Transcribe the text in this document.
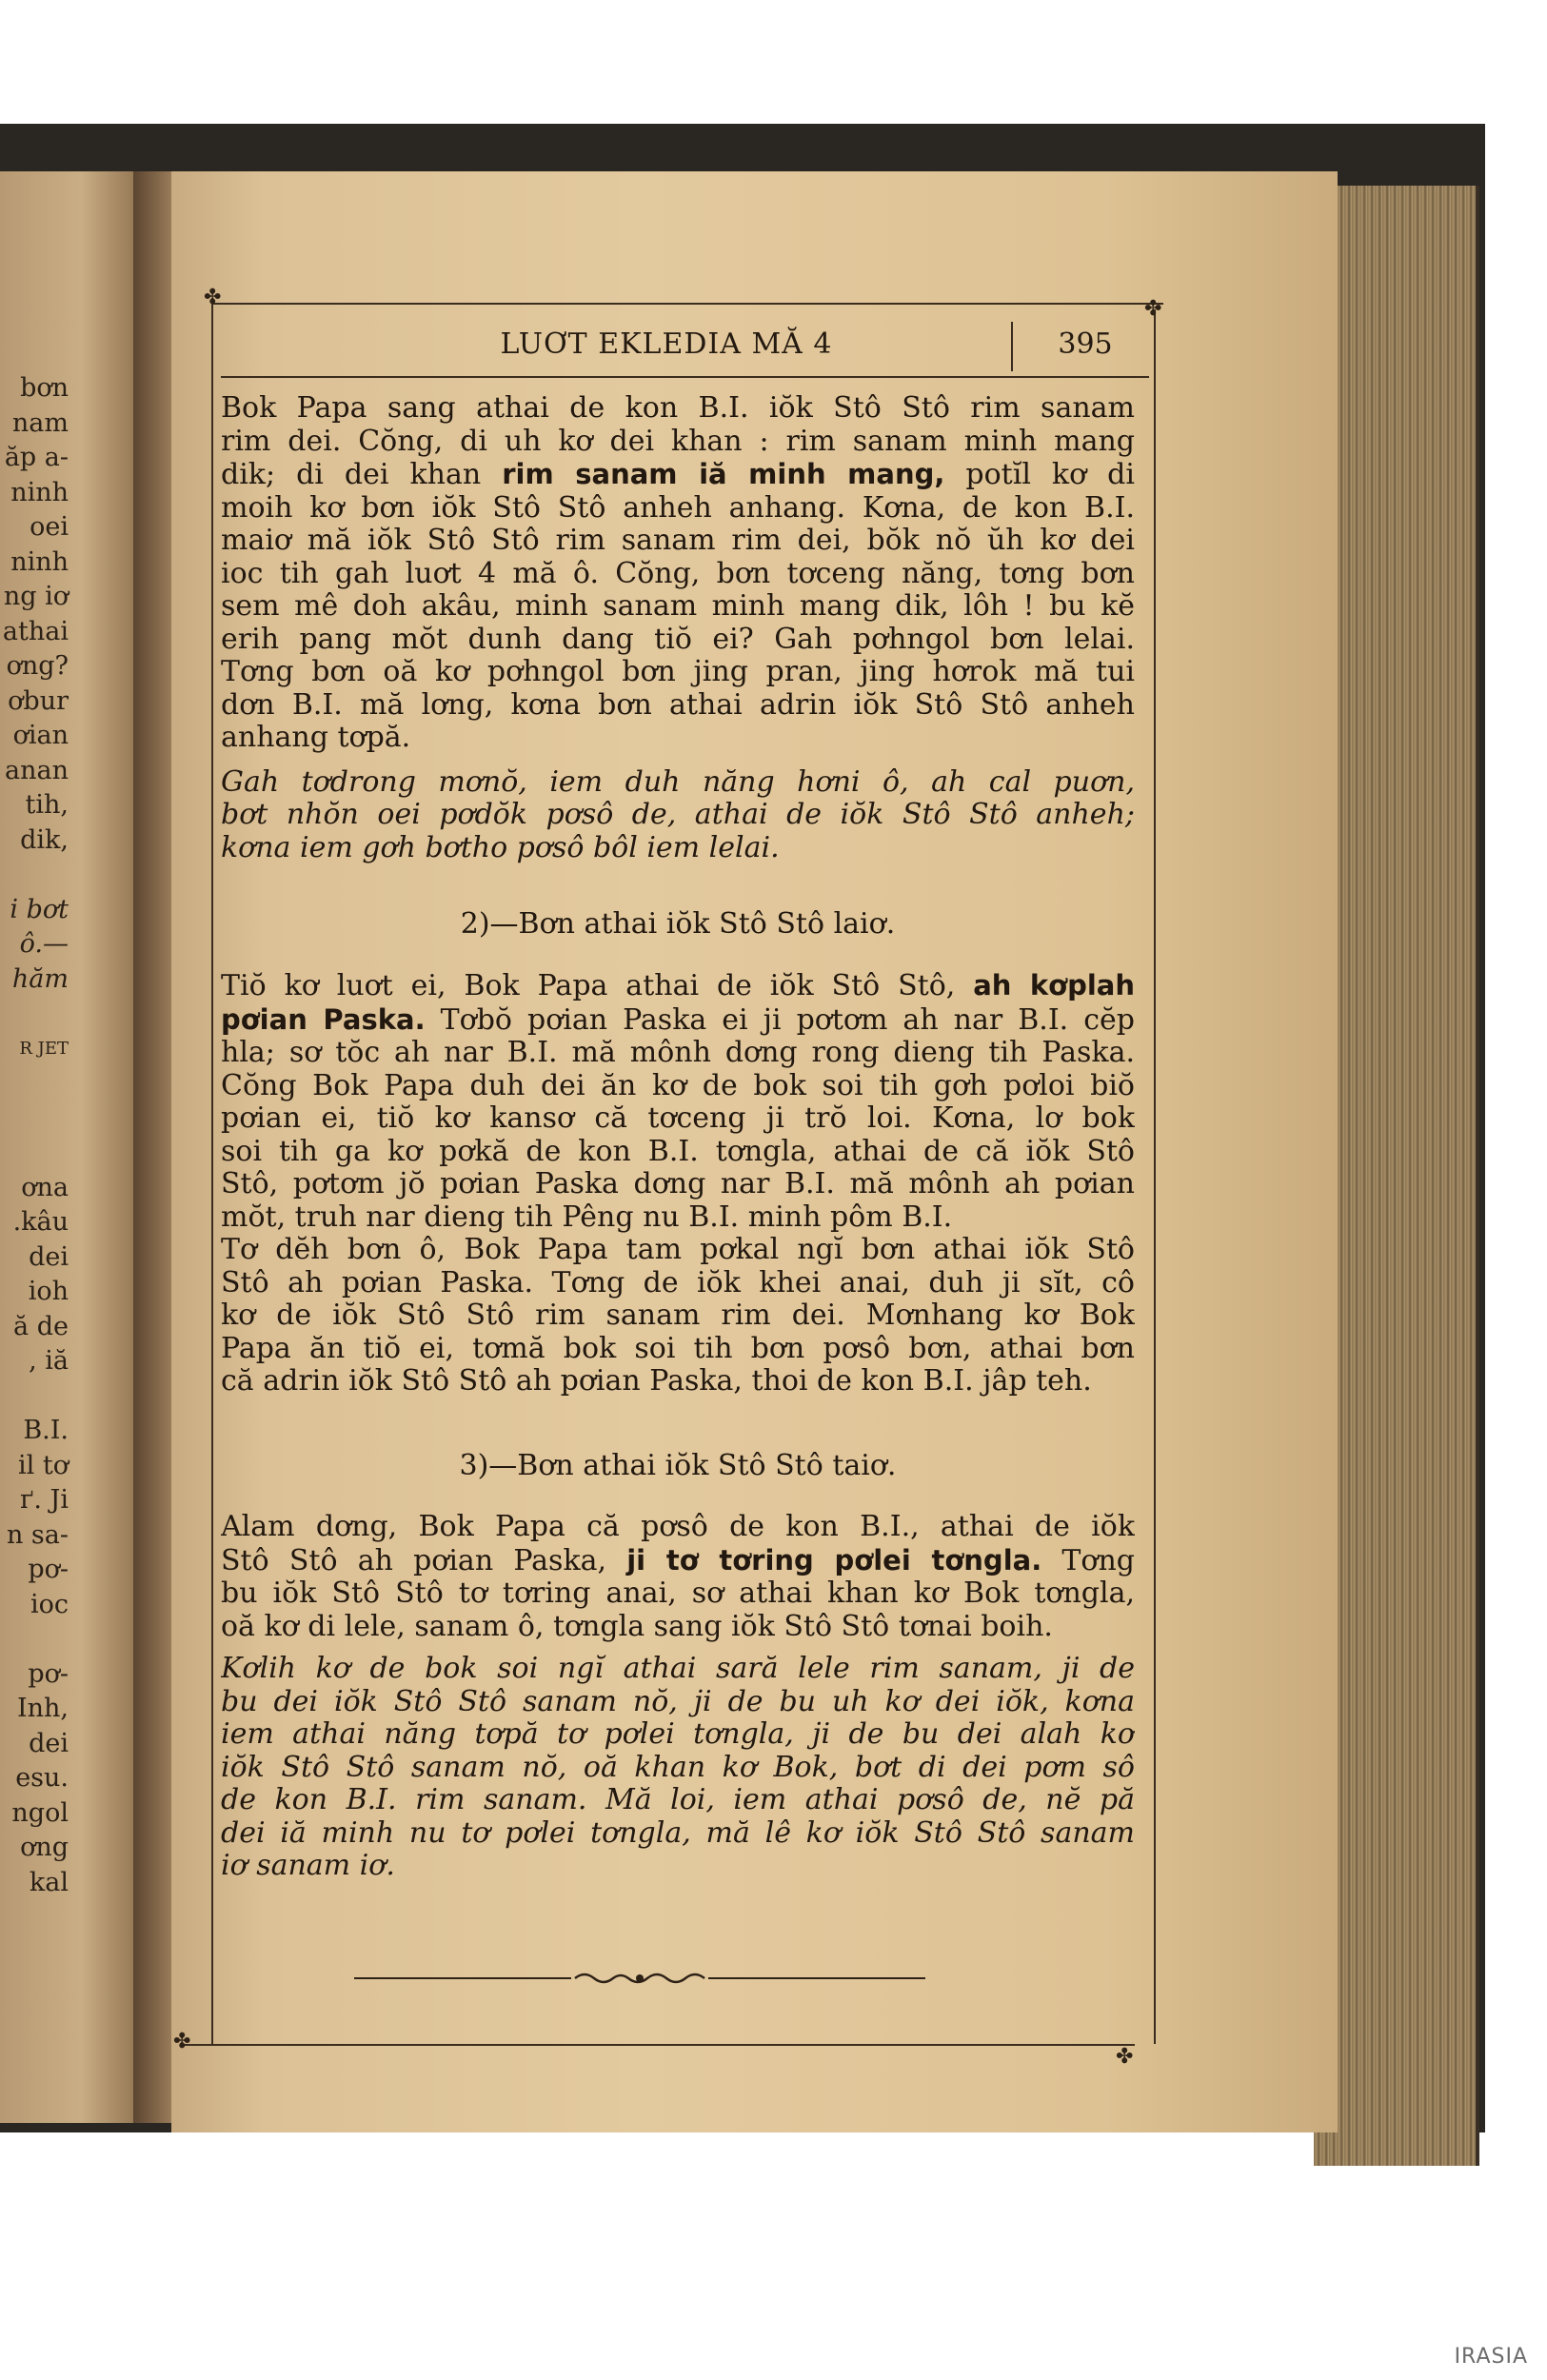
bơn
nam
ăp a-
ninh
oei
ninh
ng iơ
athai
ơng?
ơbur
ơian
anan
tih,
dik,

i bơt
ô.—
hăm

R JET

ơna
.kâu
dei
ioh
ă de
, iă

B.I.
il tơ
ґ. Ji
n sa-
pơ-
ioc

pơ-
Inh,
dei
esu.
ngol
ơng
kal
✤	✤
✤
✤
LUƠT EKLEDIA MĂ 4	395
Bok Papa sang athai de kon B.I. iŏk Stô Stô rim sanam
rim dei. Cŏng, di uh kơ dei khan : rim sanam minh mang
dik; di dei khan rim sanam iă minh mang, potĭl kơ di
moih kơ bơn iŏk Stô Stô anheh anhang. Kơna, de kon B.I.
maiơ mă iŏk Stô Stô rim sanam rim dei, bŏk nŏ ŭh kơ dei
ioc tih gah luơt 4 mă ô. Cŏng, bơn tơceng năng, tơng bơn
sem mê doh akâu, minh sanam minh mang dik, lôh ! bu kĕ
erih pang mŏt dunh dang tiŏ ei? Gah pơhngol bơn lelai.
Tơng bơn oă kơ pơhngol bơn jing pran, jing hơrok mă tui
dơn B.I. mă lơng, kơna bơn athai adrin iŏk Stô Stô anheh
anhang tơpă.
Gah tơdrong mơnŏ, iem duh năng hơni ô, ah cal puơn,
bơt nhŏn oei pơdŏk pơsô de, athai de iŏk Stô Stô anheh;
kơna iem gơh bơtho pơsô bôl iem lelai.
2)—Bơn athai iŏk Stô Stô laiơ.
Tiŏ kơ luơt ei, Bok Papa athai de iŏk Stô Stô, ah kơplah
pơian Paska. Tơbŏ pơian Paska ei ji pơtơm ah nar B.I. cĕp
hla; sơ tŏc ah nar B.I. mă mônh dơng rong dieng tih Paska.
Cŏng Bok Papa duh dei ăn kơ de bok soi tih gơh pơloi biŏ
pơian ei, tiŏ kơ kansơ că tơceng ji trŏ loi. Kơna, lơ bok
soi tih ga kơ pơkă de kon B.I. tơngla, athai de că iŏk Stô
Stô, pơtơm jŏ pơian Paska dơng nar B.I. mă mônh ah pơian
mŏt, truh nar dieng tih Pêng nu B.I. minh pôm B.I.
Tơ dĕh bơn ô, Bok Papa tam pơkal ngĭ bơn athai iŏk Stô
Stô ah pơian Paska. Tơng de iŏk khei anai, duh ji sĭt, cô
kơ de iŏk Stô Stô rim sanam rim dei. Mơnhang kơ Bok
Papa ăn tiŏ ei, tơmă bok soi tih bơn pơsô bơn, athai bơn
că adrin iŏk Stô Stô ah pơian Paska, thoi de kon B.I. jâp teh.
3)—Bơn athai iŏk Stô Stô taiơ.
Alam dơng, Bok Papa că pơsô de kon B.I., athai de iŏk
Stô Stô ah pơian Paska, ji tơ tơring pơlei tơngla. Tơng
bu iŏk Stô Stô tơ tơring anai, sơ athai khan kơ Bok tơngla,
oă kơ di lele, sanam ô, tơngla sang iŏk Stô Stô tơnai boih.
Kơlih kơ de bok soi ngĭ athai sară lele rim sanam, ji de
bu dei iŏk Stô Stô sanam nŏ, ji de bu uh kơ dei iŏk, kơna
iem athai năng tơpă tơ pơlei tơngla, ji de bu dei alah kơ
iŏk Stô Stô sanam nŏ, oă khan kơ Bok, bơt di dei pơm sô
de kon B.I. rim sanam. Mă loi, iem athai pơsô de, nĕ pă
dei iă minh nu tơ pơlei tơngla, mă lê kơ iŏk Stô Stô sanam
iơ sanam iơ.
IRASIA
